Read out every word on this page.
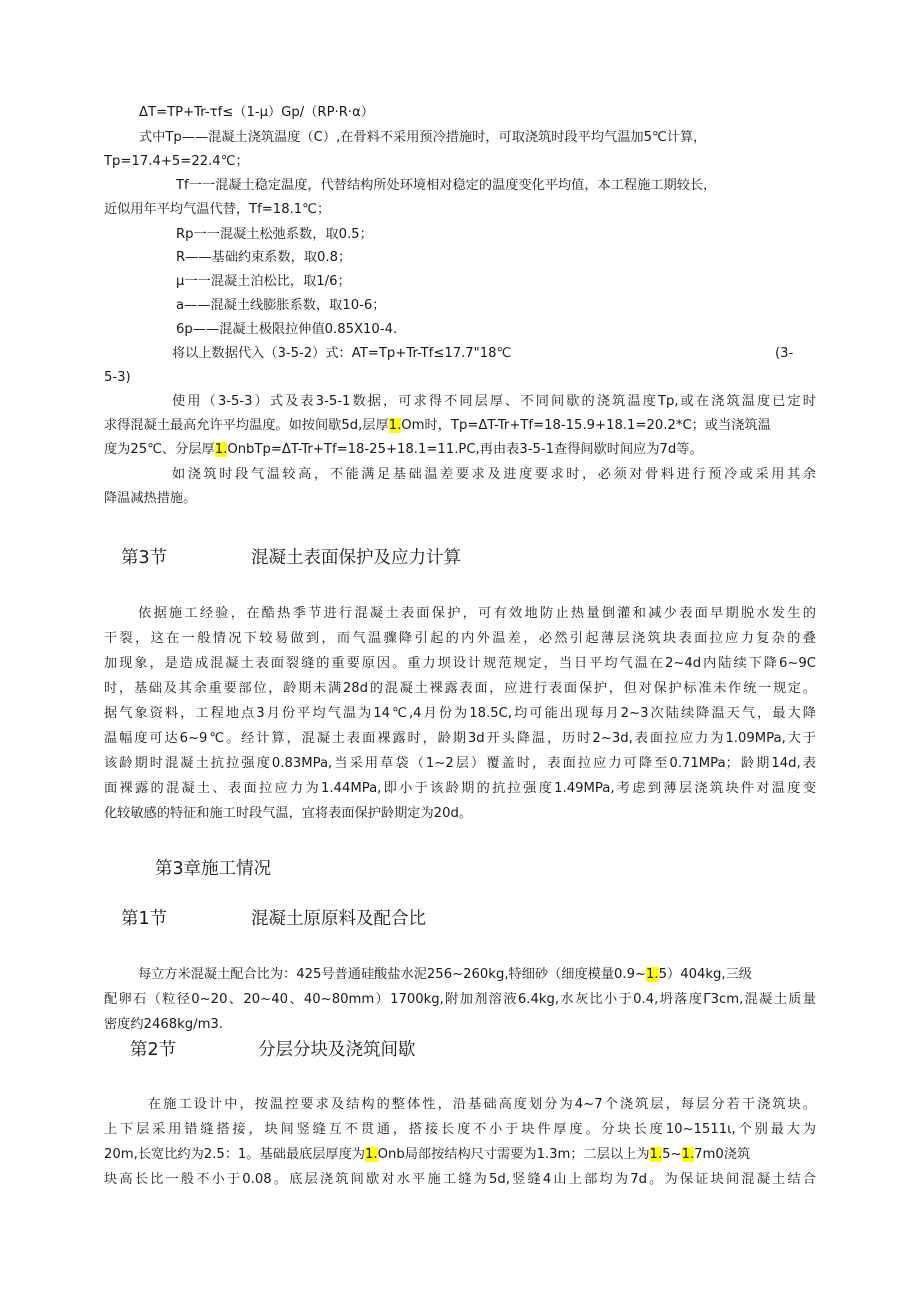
ΔT=TP+Tr-τf≤（1-μ）Gp/（RP·R·α）
式中Tp——混凝土浇筑温度（C）,在骨料不采用预冷措施时，可取浇筑时段平均气温加5℃计算，
Tp=17.4+5=22.4℃；
Tf一一混凝土稳定温度，代替结构所处环境相对稳定的温度变化平均值，本工程施工期较长，
近似用年平均气温代替，Tf=18.1℃；
Rp一一混凝土松弛系数，取0.5；
R——基础约束系数，取0.8；
μ一一混凝土泊松比，取1/6；
a——混凝土线膨胀系数，取10-6；
6p——混凝土极限拉伸值0.85X10-4.
将以上数据代入（3-5-2）式：AT=Tp+Tr-Tf≤17.7"18℃	(3-
5-3)
使用（3-5-3）式及表3-5-1数据，可求得不同层厚、不同间歇的浇筑温度Tp,或在浇筑温度已定时
求得混凝土最高允许平均温度。如按间歇5d,层厚1.Om时，Tp=ΔT-Tr+Tf=18-15.9+18.1=20.2*C；或当浇筑温
度为25℃、分层厚1.OnbTp=ΔT-Tr+Tf=18-25+18.1=11.PC,再由表3-5-1查得间歇时间应为7d等。
如浇筑时段气温较高，不能满足基础温差要求及进度要求时，必须对骨料进行预冷或采用其余
降温减热措施。
第3节	混凝土表面保护及应力计算
依据施工经验，在酷热季节进行混凝土表面保护，可有效地防止热量倒灌和减少表面早期脱水发生的
干裂，这在一般情况下较易做到，而气温骤降引起的内外温差，必然引起薄层浇筑块表面拉应力复杂的叠
加现象，是造成混凝土表面裂缝的重要原因。重力坝设计规范规定，当日平均气温在2~4d内陆续下降6~9C
时，基础及其余重要部位，龄期未满28d的混凝土裸露表面，应进行表面保护，但对保护标准未作统一规定。
据气象资料，工程地点3月份平均气温为14℃,4月份为18.5C,均可能出现每月2~3次陆续降温天气，最大降
温幅度可达6~9℃。经计算，混凝土表面裸露时，龄期3d开头降温，历时2~3d,表面拉应力为1.09MPa,大于
该龄期时混凝土抗拉强度0.83MPa,当采用草袋（1~2层）覆盖时，表面拉应力可降至0.71MPa；龄期14d,表
面裸露的混凝土、表面拉应力为1.44MPa,即小于该龄期的抗拉强度1.49MPa,考虑到薄层浇筑块件对温度变
化较敏感的特征和施工时段气温，宜将表面保护龄期定为20d。
第3章施工情况
第1节	混凝土原原料及配合比
每立方米混凝土配合比为：425号普通硅酸盐水泥256~260kg,特细砂（细度模量0.9~1.5）404kg,三级
配卵石（粒径0~20、20~40、40~80mm）1700kg,附加剂溶液6.4kg,水灰比小于0.4,坍落度Γ3cm,混凝土质量
密度约2468kg∕m3.
第2节	分层分块及浇筑间歇
在施工设计中，按温控要求及结构的整体性，沿基础高度划分为4~7个浇筑层，每层分若干浇筑块。
上下层采用错缝搭接，块间竖缝互不贯通，搭接长度不小于块件厚度。分块长度10~1511ι,个别最大为
20m,长宽比约为2.5：1。基础最底层厚度为1.Onb局部按结构尺寸需要为1.3m；二层以上为1.5~1.7m0浇筑
块高长比一般不小于0.08。底层浇筑间歇对水平施工缝为5d,竖缝4山上部均为7d。为保证块间混凝土结合
